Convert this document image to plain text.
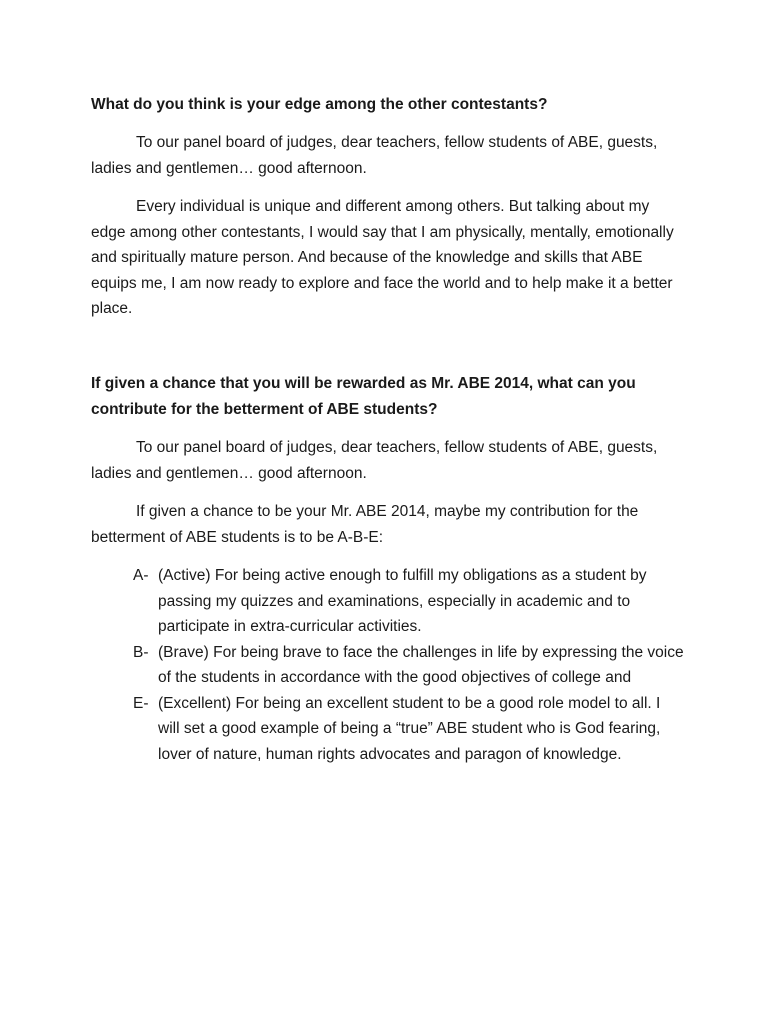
What do you think is your edge among the other contestants?

To our panel board of judges, dear teachers, fellow students of ABE, guests, ladies and gentlemen… good afternoon.

Every individual is unique and different among others. But talking about my edge among other contestants, I would say that I am physically, mentally, emotionally and spiritually mature person. And because of the knowledge and skills that ABE equips me, I am now ready to explore and face the world and to help make it a better place.

If given a chance that you will be rewarded as Mr. ABE 2014, what can you contribute for the betterment of ABE students?

To our panel board of judges, dear teachers, fellow students of ABE, guests, ladies and gentlemen… good afternoon.

If given a chance to be your Mr. ABE 2014, maybe my contribution for the betterment of ABE students is to be A-B-E:

A- (Active) For being active enough to fulfill my obligations as a student by passing my quizzes and examinations, especially in academic and to participate in extra-curricular activities.
B- (Brave) For being brave to face the challenges in life by expressing the voice of the students in accordance with the good objectives of college and
E- (Excellent) For being an excellent student to be a good role model to all. I will set a good example of being a “true” ABE student who is God fearing, lover of nature, human rights advocates and paragon of knowledge.
